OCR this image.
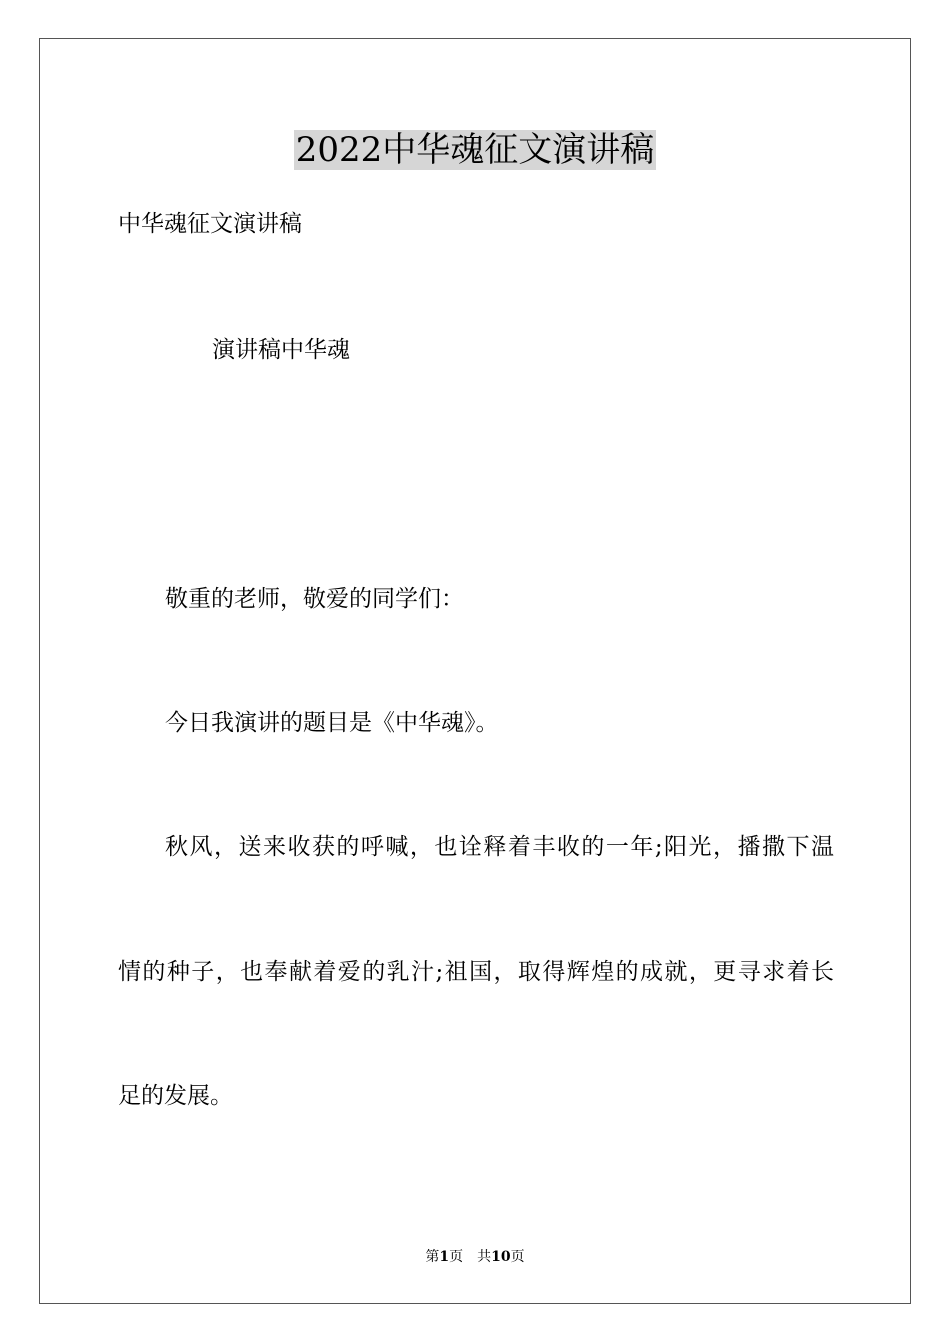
2022中华魂征文演讲稿
中华魂征文演讲稿
演讲稿中华魂
敬重的老师，敬爱的同学们：
今日我演讲的题目是《中华魂》。
秋风，送来收获的呼喊，也诠释着丰收的一年;阳光，播撒下温
情的种子，也奉献着爱的乳汁;祖国，取得辉煌的成就，更寻求着长
足的发展。
第1页 共10页
